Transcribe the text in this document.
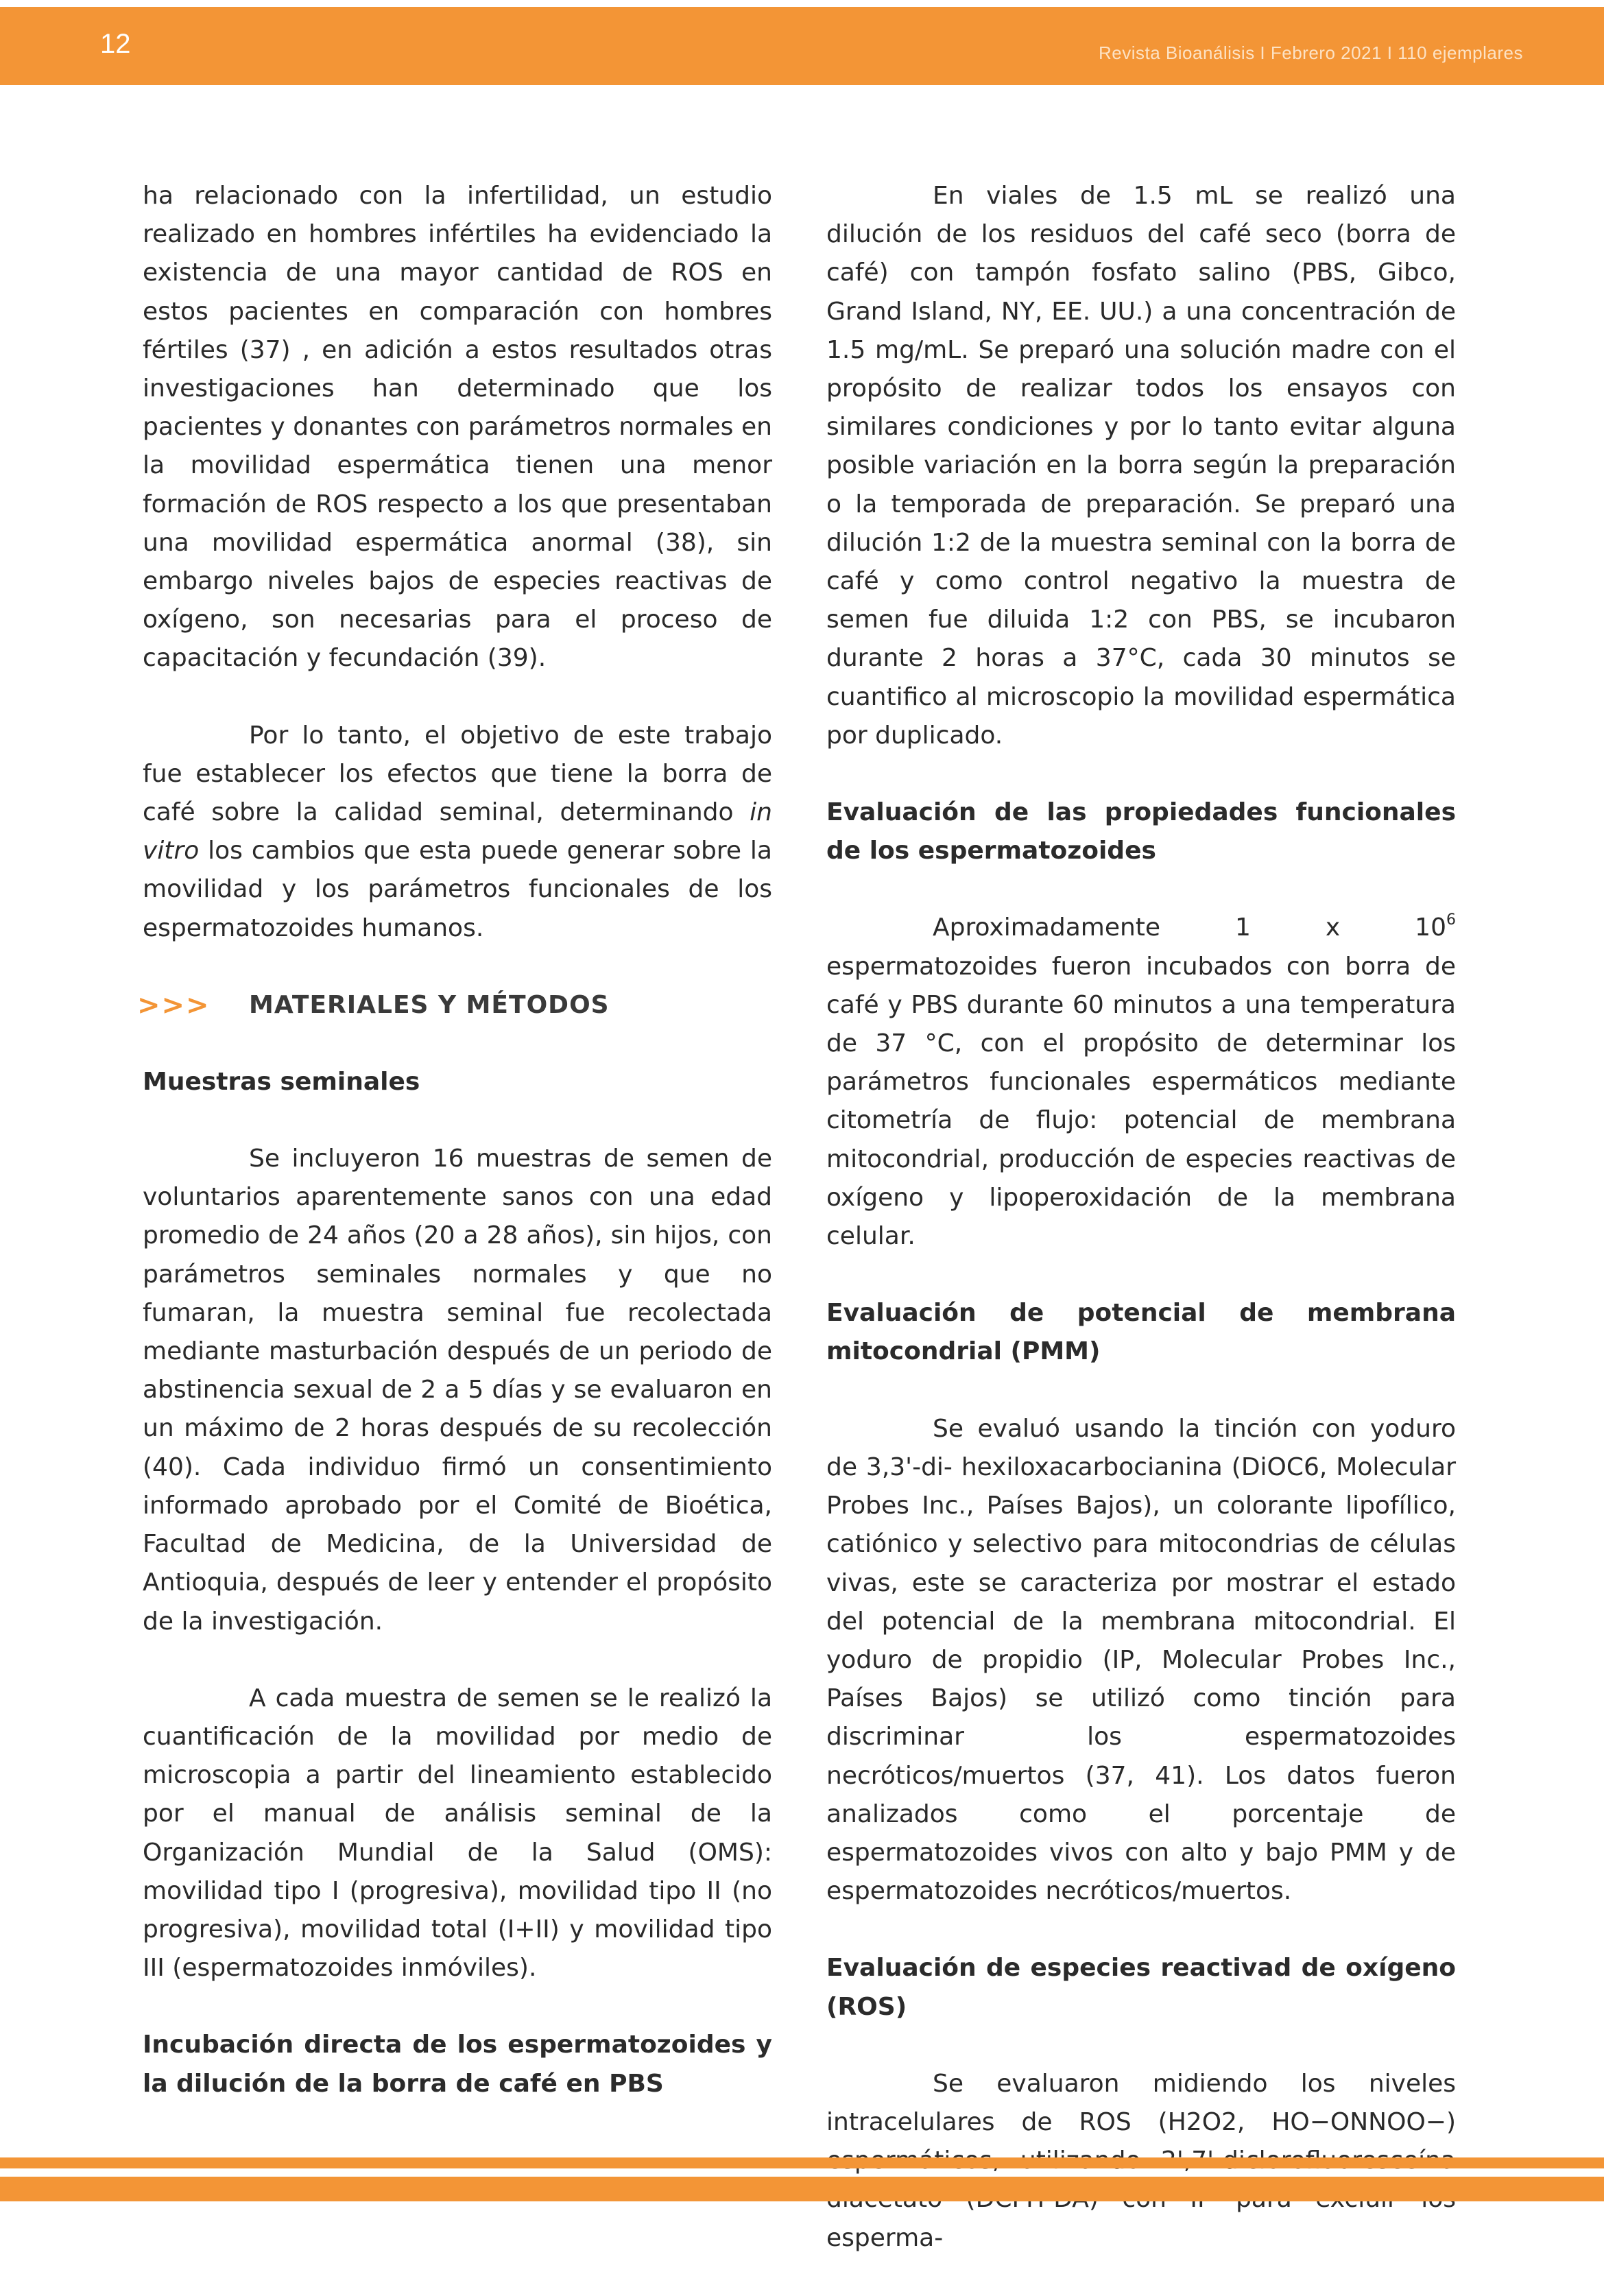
12	Revista Bioanálisis I Febrero 2021 I 110 ejemplares

ha relacionado con la infertilidad, un estudio realizado en hombres infértiles ha evidenciado la existencia de una mayor cantidad de ROS en estos pacientes en comparación con hombres fértiles (37) , en adición a estos resultados otras investigaciones han determinado que los pacientes y donantes con parámetros normales en la movilidad espermática tienen una menor formación de ROS respecto a los que presentaban una movilidad espermática anormal (38), sin embargo niveles bajos de especies reactivas de oxígeno, son necesarias para el proceso de capacitación y fecundación (39).

Por lo tanto, el objetivo de este trabajo fue establecer los efectos que tiene la borra de café sobre la calidad seminal, determinando in vitro los cambios que esta puede generar sobre la movilidad y los parámetros funcionales de los espermatozoides humanos.

>>> MATERIALES Y MÉTODOS
Muestras seminales

Se incluyeron 16 muestras de semen de voluntarios aparentemente sanos con una edad promedio de 24 años (20 a 28 años), sin hijos, con parámetros seminales normales y que no fumaran, la muestra seminal fue recolectada mediante masturbación después de un periodo de abstinencia sexual de 2 a 5 días y se evaluaron en un máximo de 2 horas después de su recolección (40). Cada individuo firmó un consentimiento informado aprobado por el Comité de Bioética, Facultad de Medicina, de la Universidad de Antioquia, después de leer y entender el propósito de la investigación.

A cada muestra de semen se le realizó la cuantificación de la movilidad por medio de microscopia a partir del lineamiento establecido por el manual de análisis seminal de la Organización Mundial de la Salud (OMS): movilidad tipo I (progresiva), movilidad tipo II (no progresiva), movilidad total (I+II) y movilidad tipo III (espermatozoides inmóviles).

Incubación directa de los espermatozoides y la dilución de la borra de café en PBS

En viales de 1.5 mL se realizó una dilución de los residuos del café seco (borra de café) con tampón fosfato salino (PBS, Gibco, Grand Island, NY, EE. UU.) a una concentración de 1.5 mg/mL. Se preparó una solución madre con el propósito de realizar todos los ensayos con similares condiciones y por lo tanto evitar alguna posible variación en la borra según la preparación o la temporada de preparación. Se preparó una dilución 1:2 de la muestra seminal con la borra de café y como control negativo la muestra de semen fue diluida 1:2 con PBS, se incubaron durante 2 horas a 37°C, cada 30 minutos se cuantifico al microscopio la movilidad espermática por duplicado.

Evaluación de las propiedades funcionales de los espermatozoides

Aproximadamente 1 x $10^6$ espermatozoides fueron incubados con borra de café y PBS durante 60 minutos a una temperatura de 37 °C, con el propósito de determinar los parámetros funcionales espermáticos mediante citometría de flujo: potencial de membrana mitocondrial, producción de especies reactivas de oxígeno y lipoperoxidación de la membrana celular.

Evaluación de potencial de membrana mitocondrial (PMM)

Se evaluó usando la tinción con yoduro de 3,3'-di- hexiloxacarbocianina (DiOC6, Molecular Probes Inc., Países Bajos), un colorante lipofílico, catiónico y selectivo para mitocondrias de células vivas, este se caracteriza por mostrar el estado del potencial de la membrana mitocondrial. El yoduro de propidio (IP, Molecular Probes Inc., Países Bajos) se utilizó como tinción para discriminar los espermatozoides necróticos/muertos (37, 41). Los datos fueron analizados como el porcentaje de espermatozoides vivos con alto y bajo PMM y de espermatozoides necróticos/muertos.

Evaluación de especies reactivad de oxígeno (ROS)

Se evaluaron midiendo los niveles intracelulares de ROS (H2O2, HO−ONNOO−) esperma-
